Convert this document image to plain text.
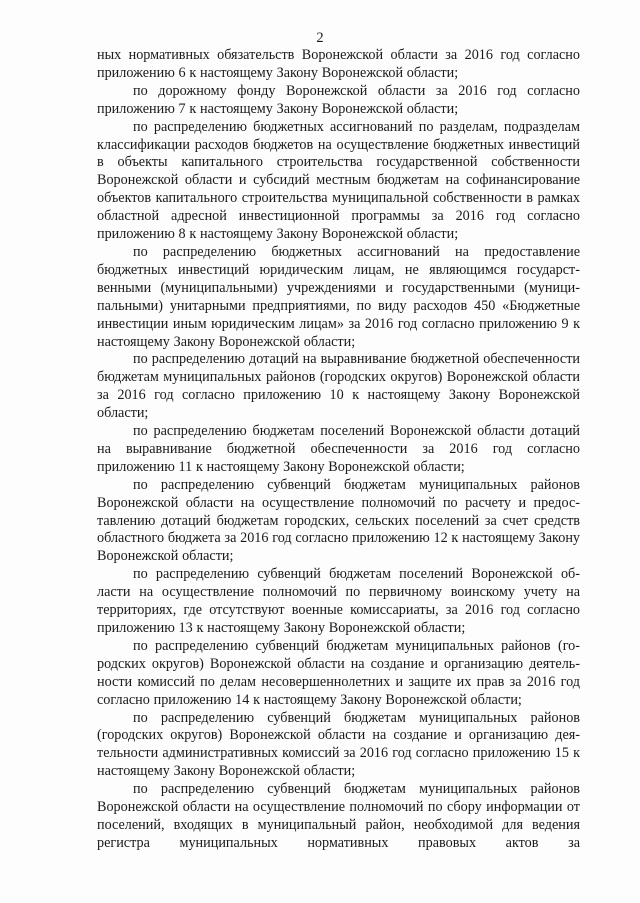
2

ных нормативных обязательств Воронежской области за 2016 год согласно приложению 6 к настоящему Закону Воронежской области;

по дорожному фонду Воронежской области за 2016 год согласно приложению 7 к настоящему Закону Воронежской области;

по распределению бюджетных ассигнований по разделам, подразделам классификации расходов бюджетов на осуществление бюджетных инвестиций в объекты капитального строительства государственной собственности Воронежской области и субсидий местным бюджетам на софинансирование объектов капитального строительства муниципальной собственности в рамках областной адресной инвестиционной программы за 2016 год согласно приложению 8 к настоящему Закону Воронежской области;

по распределению бюджетных ассигнований на предоставление бюджетных инвестиций юридическим лицам, не являющимся государственными (муниципальными) учреждениями и государственными (муниципальными) унитарными предприятиями, по виду расходов 450 «Бюджетные инвестиции иным юридическим лицам» за 2016 год согласно приложению 9 к настоящему Закону Воронежской области;

по распределению дотаций на выравнивание бюджетной обеспеченности бюджетам муниципальных районов (городских округов) Воронежской области за 2016 год согласно приложению 10 к настоящему Закону Воронежской области;

по распределению бюджетам поселений Воронежской области дотаций на выравнивание бюджетной обеспеченности за 2016 год согласно приложению 11 к настоящему Закону Воронежской области;

по распределению субвенций бюджетам муниципальных районов Воронежской области на осуществление полномочий по расчету и предоставлению дотаций бюджетам городских, сельских поселений за счет средств областного бюджета за 2016 год согласно приложению 12 к настоящему Закону Воронежской области;

по распределению субвенций бюджетам поселений Воронежской области на осуществление полномочий по первичному воинскому учету на территориях, где отсутствуют военные комиссариаты, за 2016 год согласно приложению 13 к настоящему Закону Воронежской области;

по распределению субвенций бюджетам муниципальных районов (городских округов) Воронежской области на создание и организацию деятельности комиссий по делам несовершеннолетних и защите их прав за 2016 год согласно приложению 14 к настоящему Закону Воронежской области;

по распределению субвенций бюджетам муниципальных районов (городских округов) Воронежской области на создание и организацию деятельности административных комиссий за 2016 год согласно приложению 15 к настоящему Закону Воронежской области;

по распределению субвенций бюджетам муниципальных районов Воронежской области на осуществление полномочий по сбору информации от поселений, входящих в муниципальный район, необходимой для ведения регистра муниципальных нормативных правовых актов за
